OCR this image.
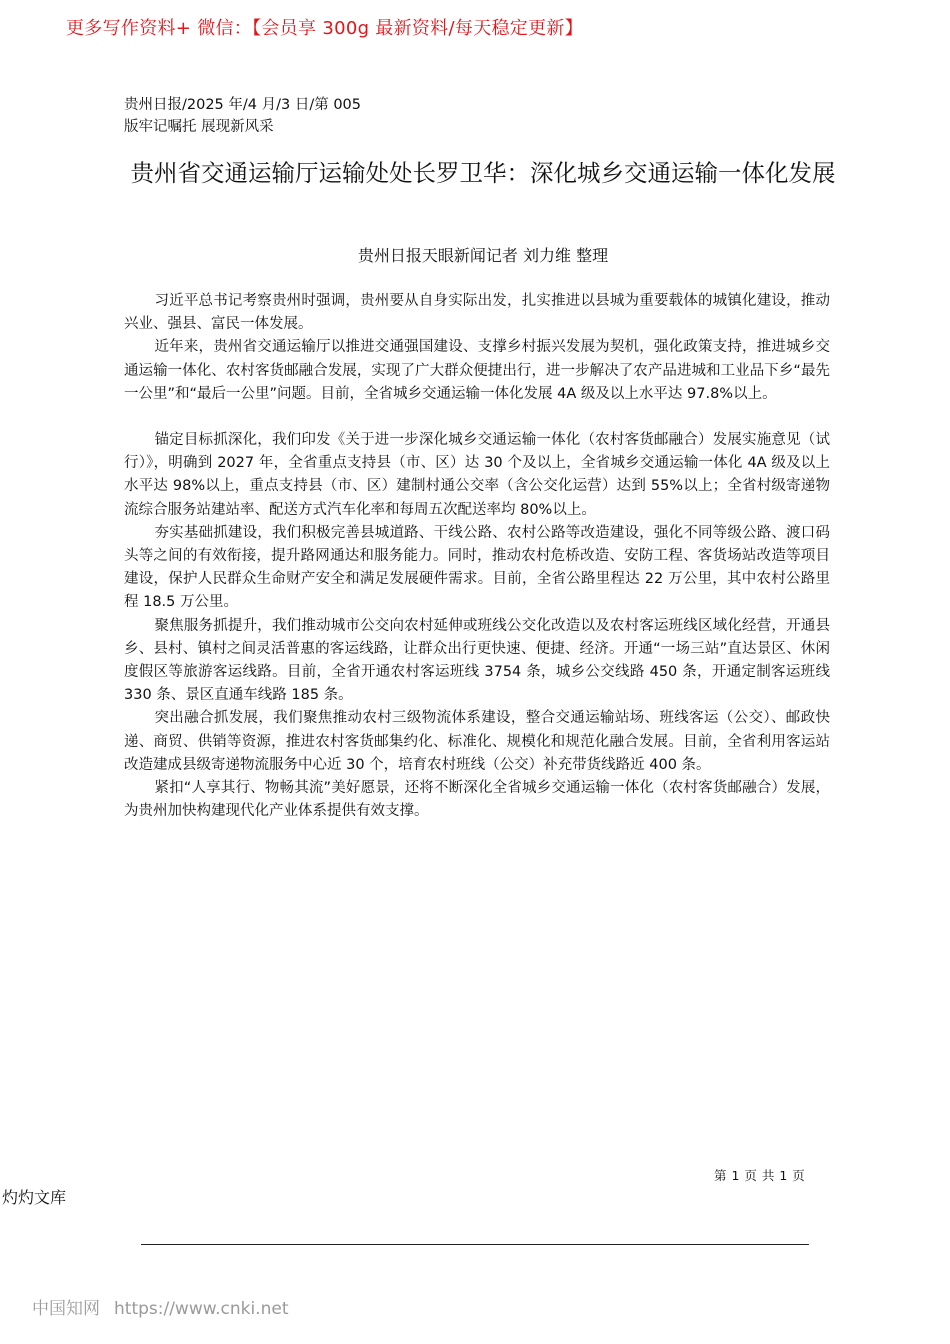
更多写作资料+ 微信：【会员享 300g 最新资料/每天稳定更新】
贵州日报/2025 年/4 月/3 日/第 005
版牢记嘱托 展现新风采
贵州省交通运输厅运输处处长罗卫华：深化城乡交通运输一体化发展
贵州日报天眼新闻记者 刘力维 整理

习近平总书记考察贵州时强调，贵州要从自身实际出发，扎实推进以县城为重要载体的城镇化建设，推动兴业、强县、富民一体发展。

近年来，贵州省交通运输厅以推进交通强国建设、支撑乡村振兴发展为契机，强化政策支持，推进城乡交通运输一体化、农村客货邮融合发展，实现了广大群众便捷出行，进一步解决了农产品进城和工业品下乡“最先一公里”和“最后一公里”问题。目前，全省城乡交通运输一体化发展 4A 级及以上水平达 97.8%以上。

锚定目标抓深化，我们印发《关于进一步深化城乡交通运输一体化（农村客货邮融合）发展实施意见（试行）》，明确到 2027 年，全省重点支持县（市、区）达 30 个及以上，全省城乡交通运输一体化 4A 级及以上水平达 98%以上，重点支持县（市、区）建制村通公交率（含公交化运营）达到 55%以上；全省村级寄递物流综合服务站建站率、配送方式汽车化率和每周五次配送率均 80%以上。

夯实基础抓建设，我们积极完善县城道路、干线公路、农村公路等改造建设，强化不同等级公路、渡口码头等之间的有效衔接，提升路网通达和服务能力。同时，推动农村危桥改造、安防工程、客货场站改造等项目建设，保护人民群众生命财产安全和满足发展硬件需求。目前，全省公路里程达 22 万公里，其中农村公路里程 18.5 万公里。

聚焦服务抓提升，我们推动城市公交向农村延伸或班线公交化改造以及农村客运班线区域化经营，开通县乡、县村、镇村之间灵活普惠的客运线路，让群众出行更快速、便捷、经济。开通“一场三站”直达景区、休闲度假区等旅游客运线路。目前，全省开通农村客运班线 3754 条，城乡公交线路 450 条，开通定制客运班线 330 条、景区直通车线路 185 条。

突出融合抓发展，我们聚焦推动农村三级物流体系建设，整合交通运输站场、班线客运（公交）、邮政快递、商贸、供销等资源，推进农村客货邮集约化、标准化、规模化和规范化融合发展。目前，全省利用客运站改造建成县级寄递物流服务中心近 30 个，培育农村班线（公交）补充带货线路近 400 条。

紧扣“人享其行、物畅其流”美好愿景，还将不断深化全省城乡交通运输一体化（农村客货邮融合）发展，为贵州加快构建现代化产业体系提供有效支撑。

第 1 页 共 1 页
灼灼文库
中国知网 https://www.cnki.net
